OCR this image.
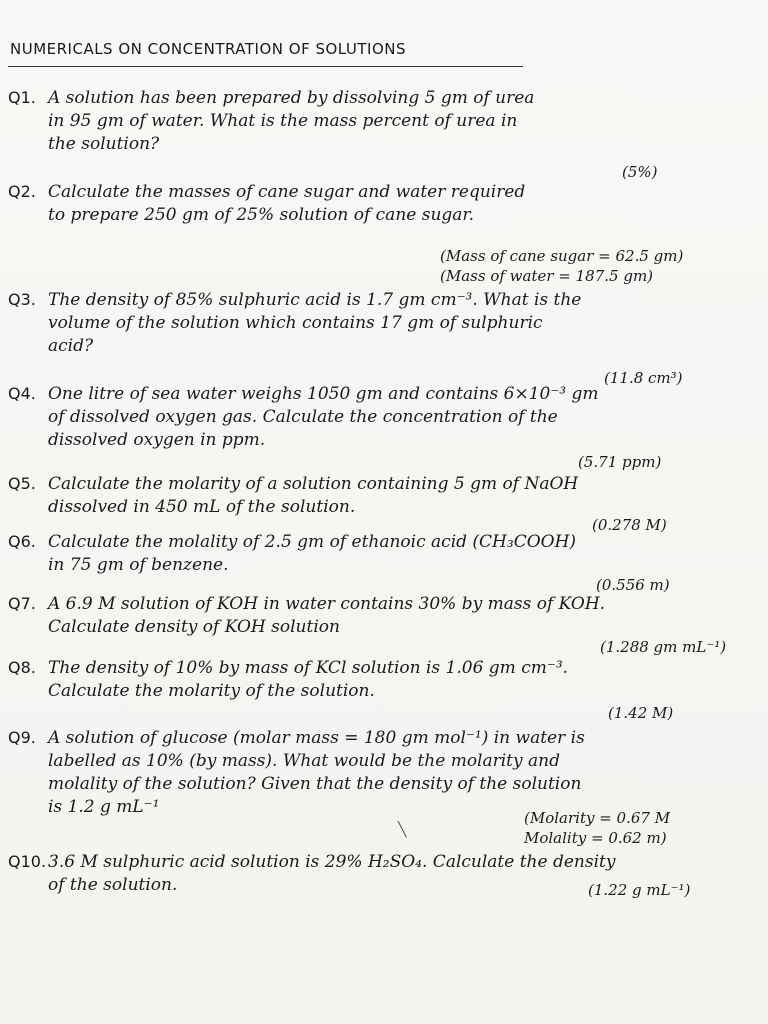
NUMERICALS ON CONCENTRATION OF SOLUTIONS
Q1. A solution has been prepared by dissolving 5 gm of urea
in 95 gm of water. What is the mass percent of urea in
the solution?
(5%)
Q2. Calculate the masses of cane sugar and water required
to prepare 250 gm of 25% solution of cane sugar.
(Mass of cane sugar = 62.5 gm)
(Mass of water = 187.5 gm)
Q3. The density of 85% sulphuric acid is 1.7 gm cm⁻³. What is the
volume of the solution which contains 17 gm of sulphuric
acid?
(11.8 cm³)
Q4. One litre of sea water weighs 1050 gm and contains 6×10⁻³ gm
of dissolved oxygen gas. Calculate the concentration of the
dissolved oxygen in ppm.
(5.71 ppm)
Q5. Calculate the molarity of a solution containing 5 gm of NaOH
dissolved in 450 mL of the solution.
(0.278 M)
Q6. Calculate the molality of 2.5 gm of ethanoic acid (CH₃COOH)
in 75 gm of benzene.
(0.556 m)
Q7. A 6.9 M solution of KOH in water contains 30% by mass of KOH.
Calculate density of KOH solution
(1.288 gm mL⁻¹)
Q8. The density of 10% by mass of KCl solution is 1.06 gm cm⁻³.
Calculate the molarity of the solution.
(1.42 M)
Q9. A solution of glucose (molar mass = 180 gm mol⁻¹) in water is
labelled as 10% (by mass). What would be the molarity and
molality of the solution? Given that the density of the solution
is 1.2 g mL⁻¹
(Molarity = 0.67 M
Molality = 0.62 m)
╲
Q10. 3.6 M sulphuric acid solution is 29% H₂SO₄. Calculate the density
of the solution.	(1.22 g mL⁻¹)
